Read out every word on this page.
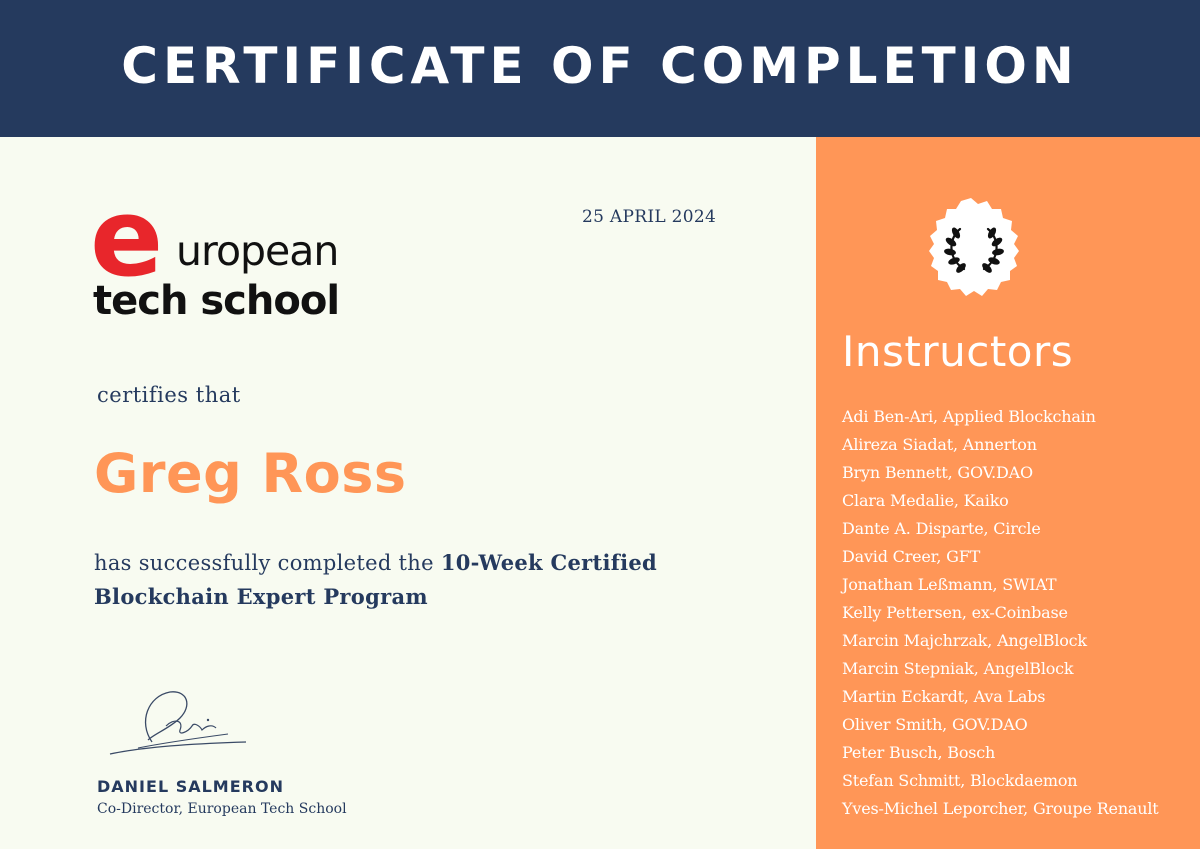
CERTIFICATE OF COMPLETION
25 APRIL 2024
e uropean
tech school
certifies that
Greg Ross
has successfully completed the 10-Week Certified Blockchain Expert Program
DANIEL SALMERON
Co-Director, European Tech School
Instructors
Adi Ben-Ari, Applied Blockchain
Alireza Siadat, Annerton
Bryn Bennett, GOV.DAO
Clara Medalie, Kaiko
Dante A. Disparte, Circle
David Creer, GFT
Jonathan Leßmann, SWIAT
Kelly Pettersen, ex-Coinbase
Marcin Majchrzak, AngelBlock
Marcin Stepniak, AngelBlock
Martin Eckardt, Ava Labs
Oliver Smith, GOV.DAO
Peter Busch, Bosch
Stefan Schmitt, Blockdaemon
Yves-Michel Leporcher, Groupe Renault
